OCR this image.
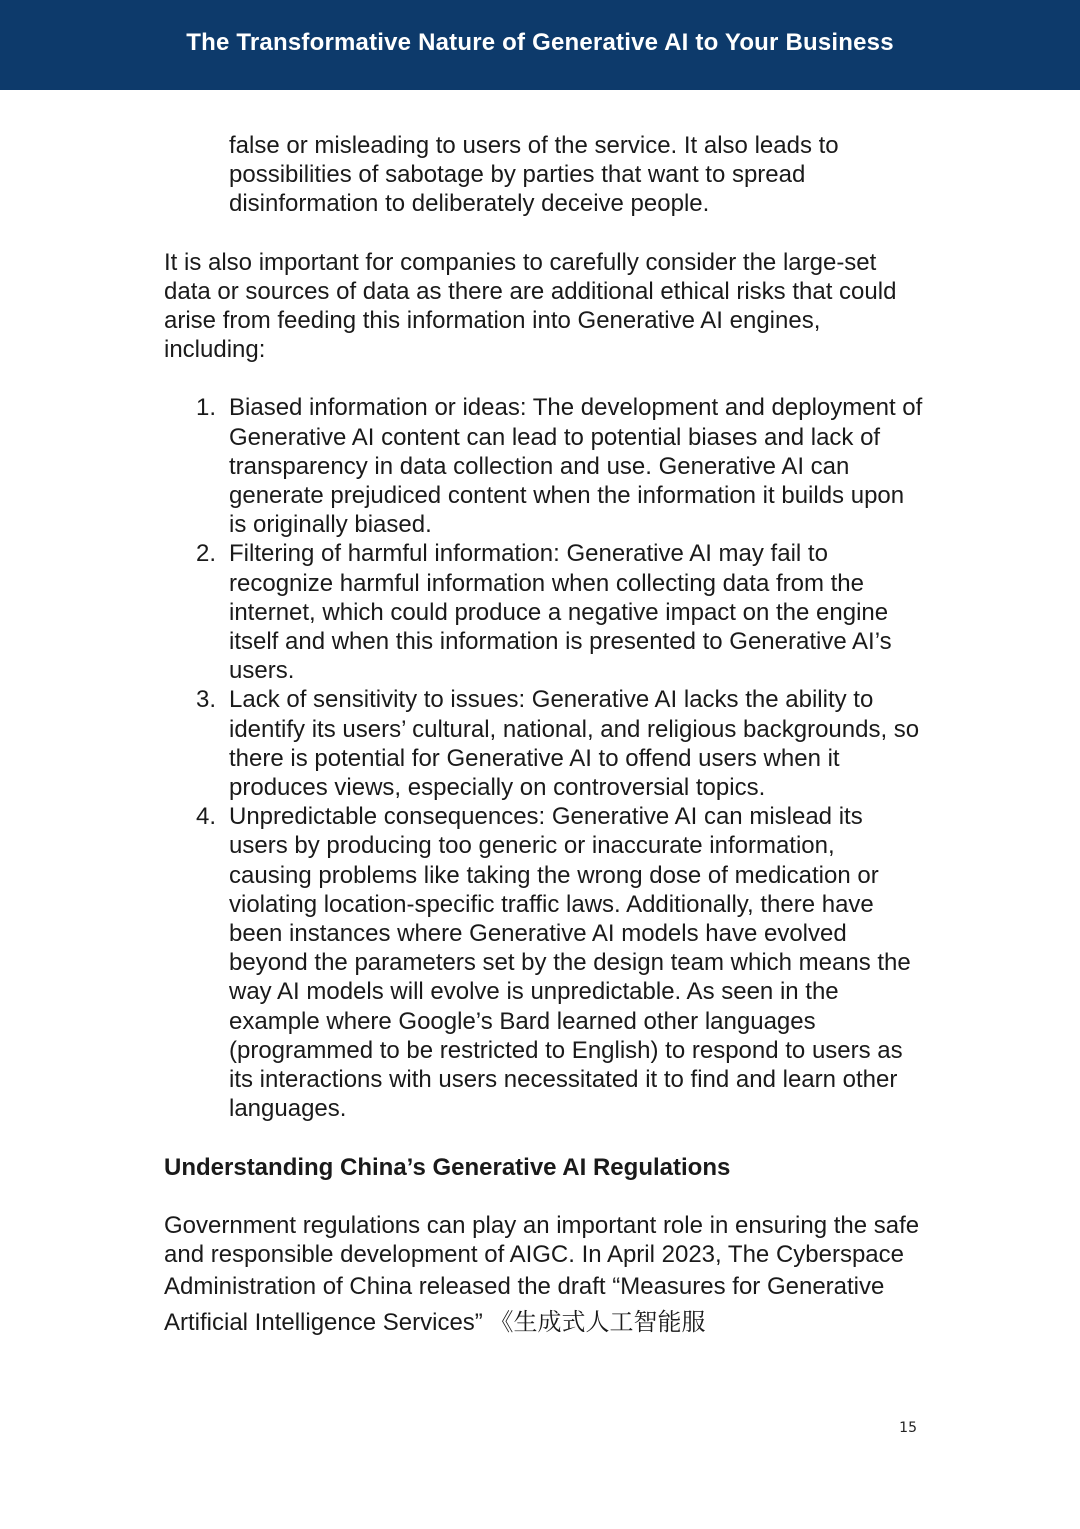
The Transformative Nature of Generative AI to Your Business

false or misleading to users of the service. It also leads to possibilities of sabotage by parties that want to spread disinformation to deliberately deceive people.

It is also important for companies to carefully consider the large-set data or sources of data as there are additional ethical risks that could arise from feeding this information into Generative AI engines, including:

1. Biased information or ideas: The development and deployment of Generative AI content can lead to potential biases and lack of transparency in data collection and use. Generative AI can generate prejudiced content when the information it builds upon is originally biased.
2. Filtering of harmful information: Generative AI may fail to recognize harmful information when collecting data from the internet, which could produce a negative impact on the engine itself and when this information is presented to Generative AI’s users.
3. Lack of sensitivity to issues: Generative AI lacks the ability to identify its users’ cultural, national, and religious backgrounds, so there is potential for Generative AI to offend users when it produces views, especially on controversial topics.
4. Unpredictable consequences: Generative AI can mislead its users by producing too generic or inaccurate information, causing problems like taking the wrong dose of medication or violating location-specific traffic laws. Additionally, there have been instances where Generative AI models have evolved beyond the parameters set by the design team which means the way AI models will evolve is unpredictable. As seen in the example where Google’s Bard learned other languages (programmed to be restricted to English) to respond to users as its interactions with users necessitated it to find and learn other languages.

Understanding China’s Generative AI Regulations

Government regulations can play an important role in ensuring the safe and responsible development of AIGC. In April 2023, The Cyberspace Administration of China released the draft “Measures for Generative Artificial Intelligence Services” 《生成式人工智能服

15
